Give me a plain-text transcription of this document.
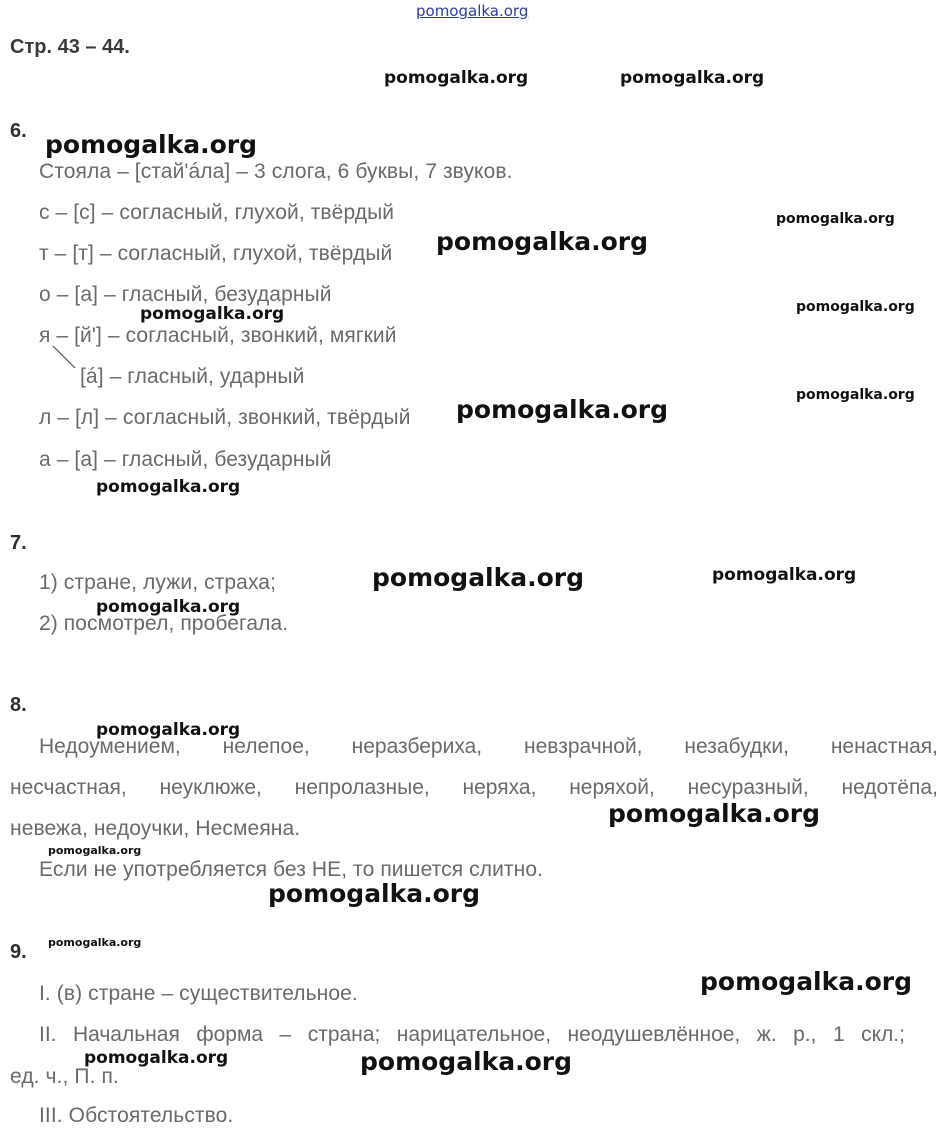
pomogalka.org
Стр. 43 – 44.
6.
Стояла – [стай'áла] – 3 слога, 6 буквы, 7 звуков.
с – [с] – согласный, глухой, твёрдый
т – [т] – согласный, глухой, твёрдый
о – [а] – гласный, безударный
я – [й'] – согласный, звонкий, мягкий
[á] – гласный, ударный
л – [л] – согласный, звонкий, твёрдый
а – [а] – гласный, безударный
7.
1) стране, лужи, страха;
2) посмотрел, пробегала.
8.
Недоумением, нелепое, неразбериха, невзрачной, незабудки, ненастная,
несчастная, неуклюже, непролазные, неряха, неряхой, несуразный, недотёпа,
невежа, недоучки, Несмеяна.
Если не употребляется без НЕ, то пишется слитно.
9.
I. (в) стране – существительное.
II. Начальная форма – страна; нарицательное, неодушевлённое, ж. р., 1 скл.;
ед. ч., П. п.
III. Обстоятельство.
pomogalka.org	pomogalka.org
pomogalka.org
pomogalka.org
pomogalka.org
pomogalka.org
pomogalka.org
pomogalka.org
pomogalka.org
pomogalka.org
pomogalka.org	pomogalka.org
pomogalka.org
pomogalka.org
pomogalka.org
pomogalka.org
pomogalka.org
pomogalka.org
pomogalka.org
pomogalka.org	pomogalka.org
